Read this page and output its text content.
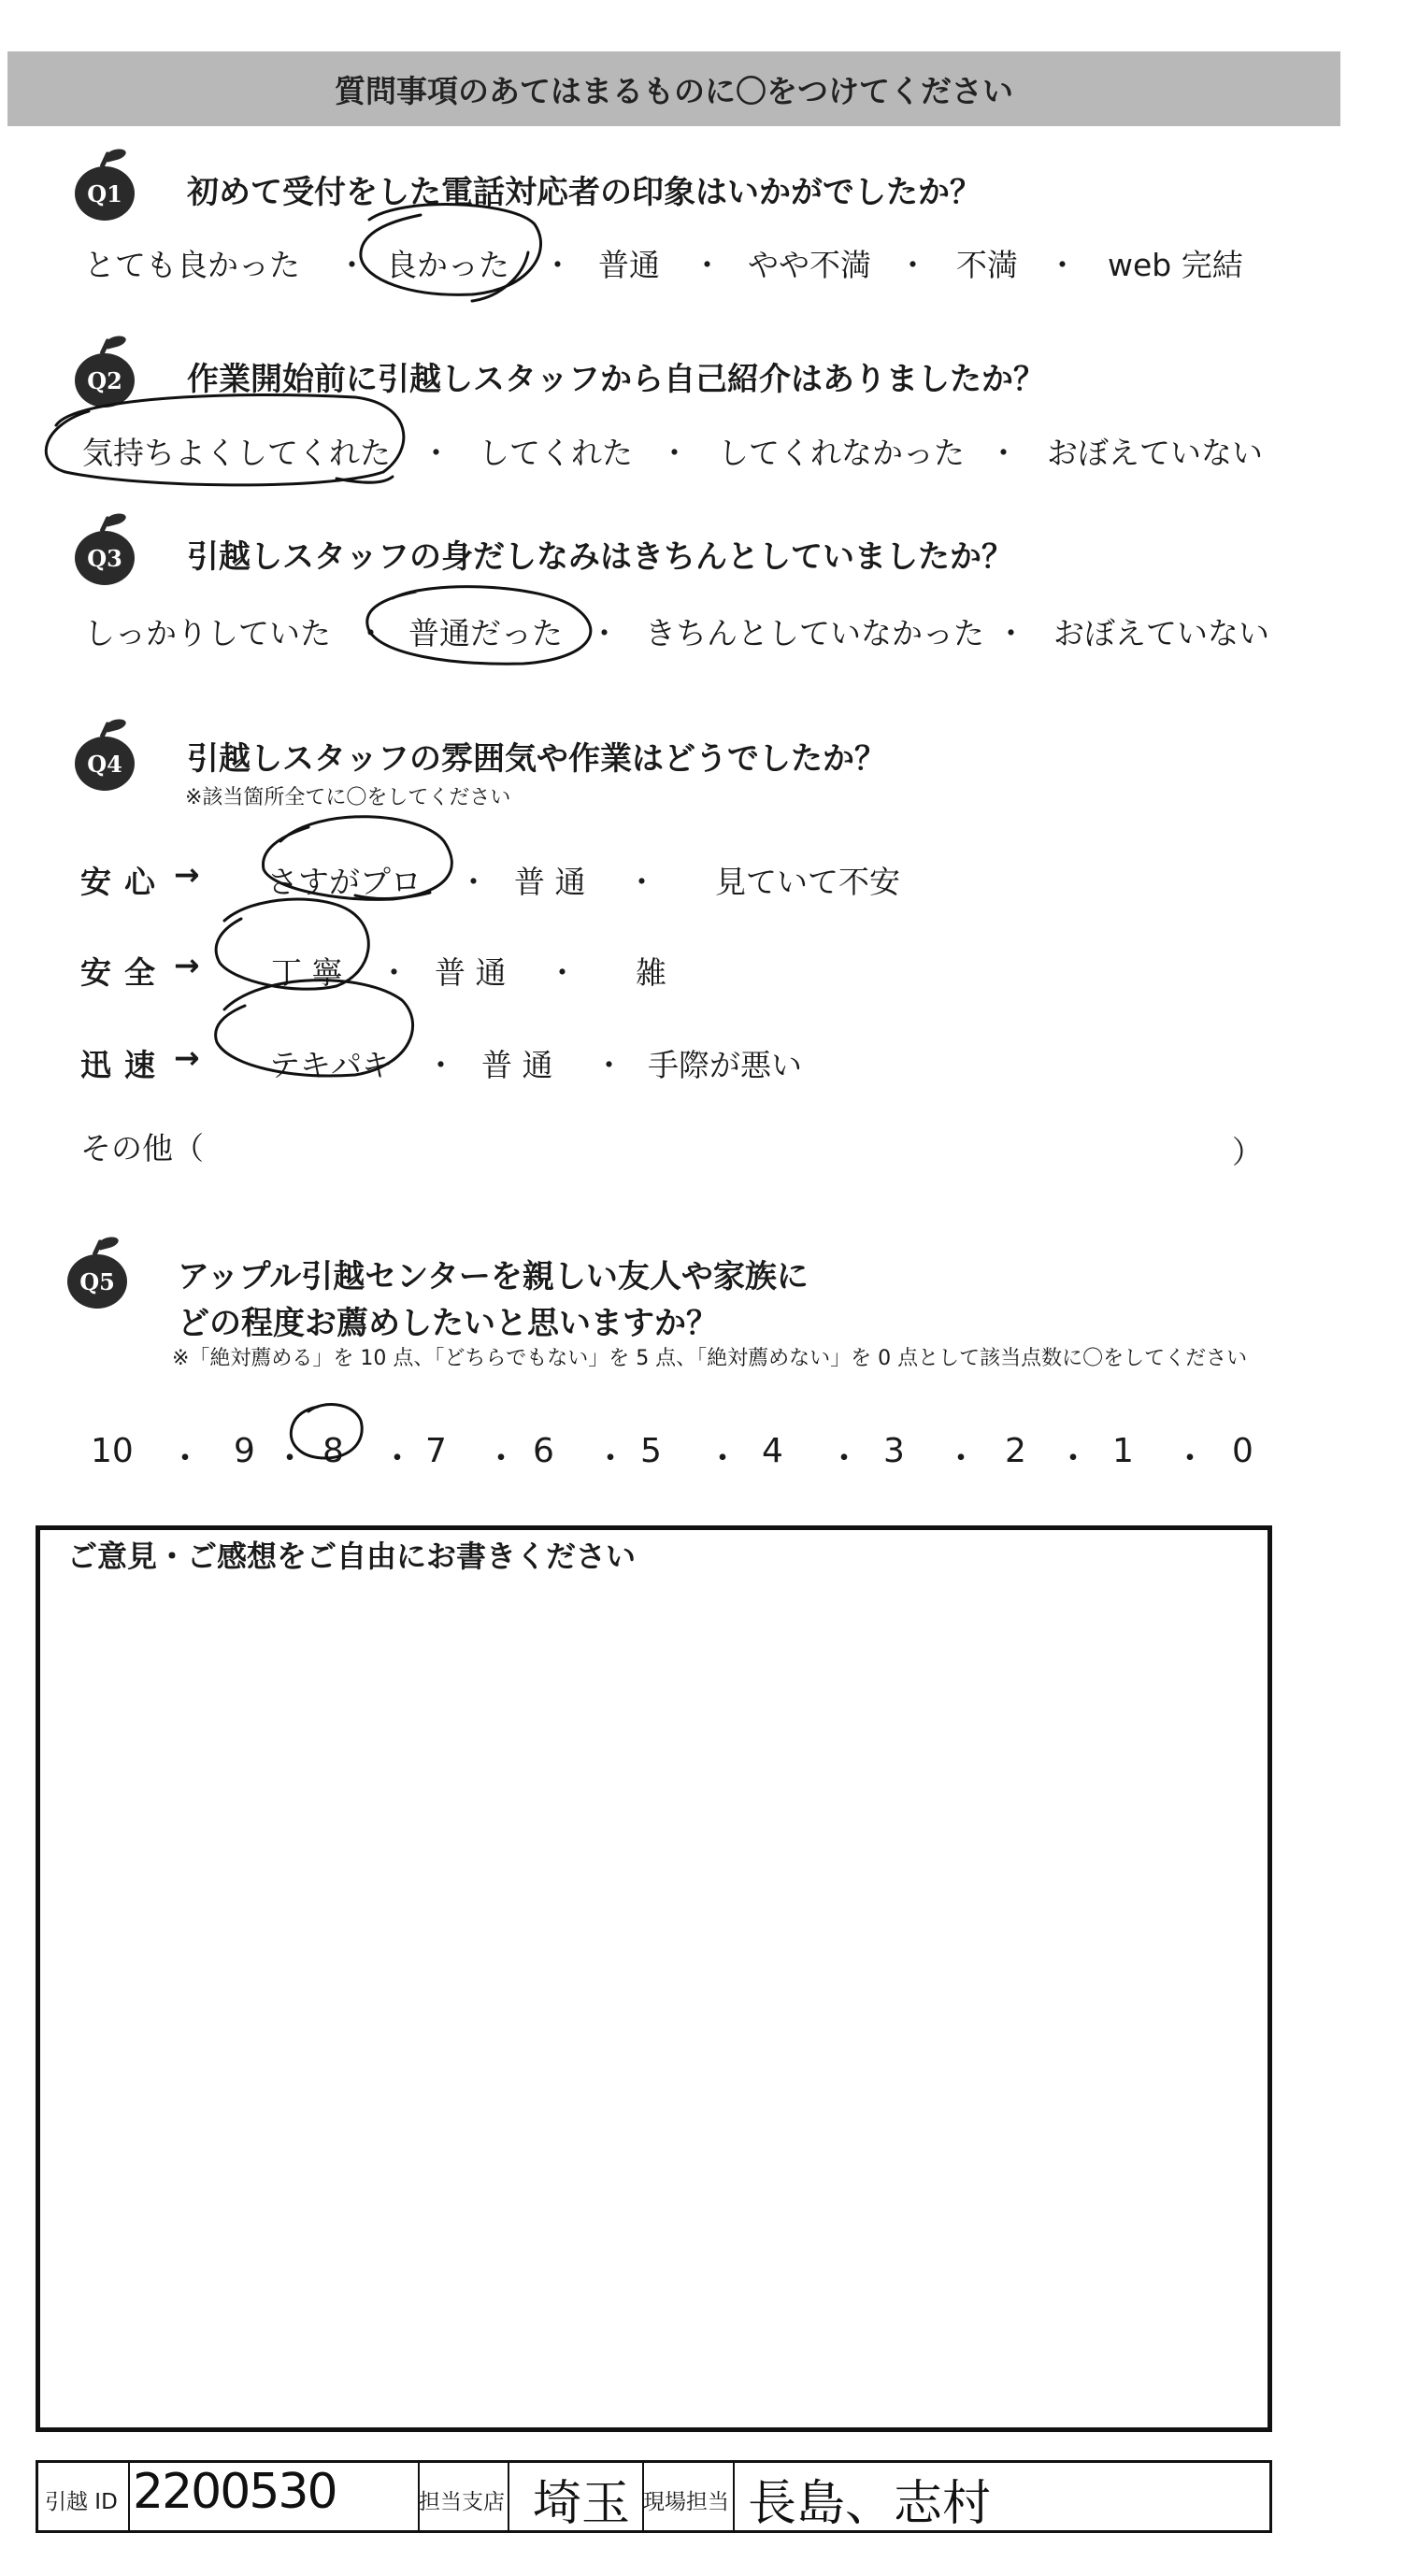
質問事項のあてはまるものに〇をつけてください
Q1 初めて受付をした電話対応者の印象はいかがでしたか？
とても良かった ・ 良かった ・ 普通 ・ やや不満 ・ 不満 ・ web 完結
Q2 作業開始前に引越しスタッフから自己紹介はありましたか？
気持ちよくしてくれた ・ してくれた ・ してくれなかった ・ おぼえていない
Q3 引越しスタッフの身だしなみはきちんとしていましたか？
しっかりしていた ・ 普通だった ・ きちんとしていなかった ・ おぼえていない
Q4 引越しスタッフの雰囲気や作業はどうでしたか？
※該当箇所全てに〇をしてください
安心 → さすがプロ ・ 普 通 ・ 見ていて不安
安全 → 丁 寧 ・ 普 通 ・ 雑
迅速 → テキパキ ・ 普 通 ・ 手際が悪い
その他（	）
Q5 アップル引越センターを親しい友人や家族に
どの程度お薦めしたいと思いますか？
※「絶対薦める」を 10 点、「どちらでもない」を 5 点、「絶対薦めない」を 0 点として該当点数に〇をしてください
10 ・ 9 ・ 8 ・ 7 ・ 6 ・ 5 ・ 4 ・ 3 ・ 2 ・ 1 ・ 0
ご意見・ご感想をご自由にお書きください
引越 ID 2200530	担当支店 埼玉 現場担当 長島、志村
